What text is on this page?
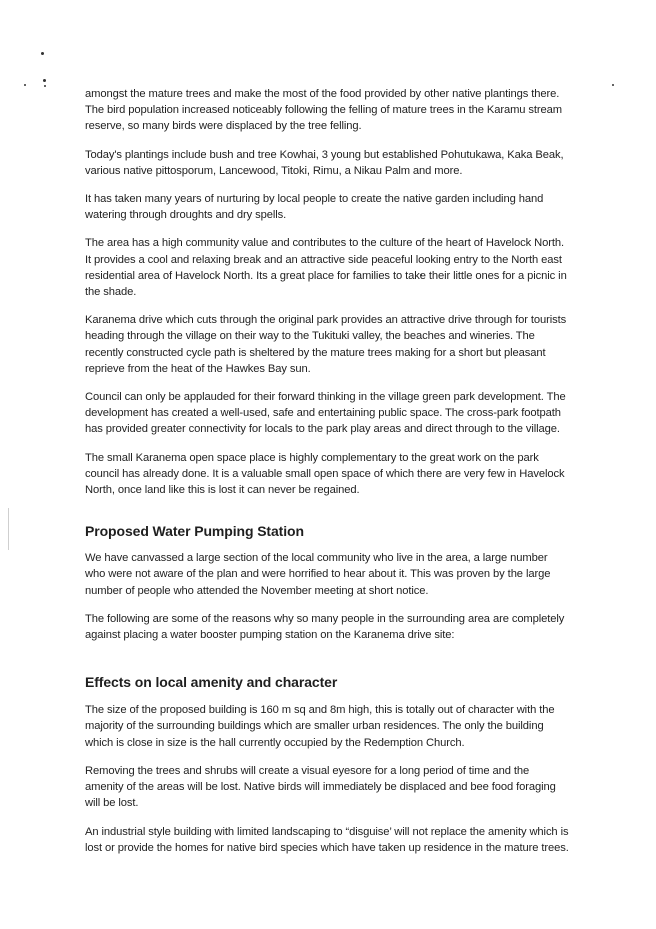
amongst the mature trees and make the most of the food provided by other native plantings there. The bird population increased noticeably following the felling of mature trees in the Karamu stream reserve, so many birds were displaced by the tree felling.

Today's plantings include bush and tree Kowhai, 3 young but established Pohutukawa, Kaka Beak, various native pittosporum, Lancewood, Titoki, Rimu, a Nikau Palm and more.

It has taken many years of nurturing by local people to create the native garden including hand watering through droughts and dry spells.

The area has a high community value and contributes to the culture of the heart of Havelock North. It provides a cool and relaxing break and an attractive side peaceful looking entry to the North east residential area of Havelock North. Its a great place for families to take their little ones for a picnic in the shade.

Karanema drive which cuts through the original park provides an attractive drive through for tourists heading through the village on their way to the Tukituki valley, the beaches and wineries. The recently constructed cycle path is sheltered by the mature trees making for a short but pleasant reprieve from the heat of the Hawkes Bay sun.

Council can only be applauded for their forward thinking in the village green park development. The development has created a well-used, safe and entertaining public space. The cross-park footpath has provided greater connectivity for locals to the park play areas and direct through to the village.

The small Karanema open space place is highly complementary to the great work on the park council has already done. It is a valuable small open space of which there are very few in Havelock North, once land like this is lost it can never be regained.

Proposed Water Pumping Station

We have canvassed a large section of the local community who live in the area, a large number who were not aware of the plan and were horrified to hear about it. This was proven by the large number of people who attended the November meeting at short notice.

The following are some of the reasons why so many people in the surrounding area are completely against placing a water booster pumping station on the Karanema drive site:

Effects on local amenity and character

The size of the proposed building is 160 m sq and 8m high, this is totally out of character with the majority of the surrounding buildings which are smaller urban residences. The only the building which is close in size is the hall currently occupied by the Redemption Church.

Removing the trees and shrubs will create a visual eyesore for a long period of time and the amenity of the areas will be lost. Native birds will immediately be displaced and bee food foraging will be lost.

An industrial style building with limited landscaping to “disguise’ will not replace the amenity which is lost or provide the homes for native bird species which have taken up residence in the mature trees.
